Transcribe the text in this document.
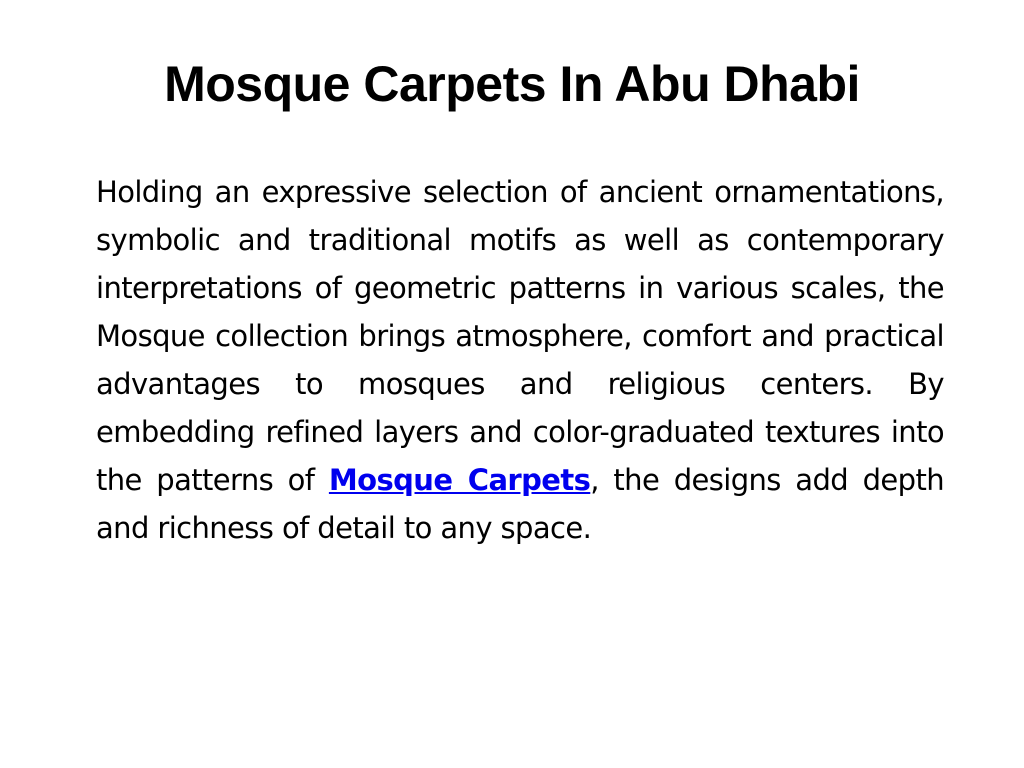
Mosque Carpets In Abu Dhabi

Holding an expressive selection of ancient ornamentations, symbolic and traditional motifs as well as contemporary interpretations of geometric patterns in various scales, the Mosque collection brings atmosphere, comfort and practical advantages to mosques and religious centers. By embedding refined layers and color-graduated textures into the patterns of Mosque Carpets, the designs add depth and richness of detail to any space.
